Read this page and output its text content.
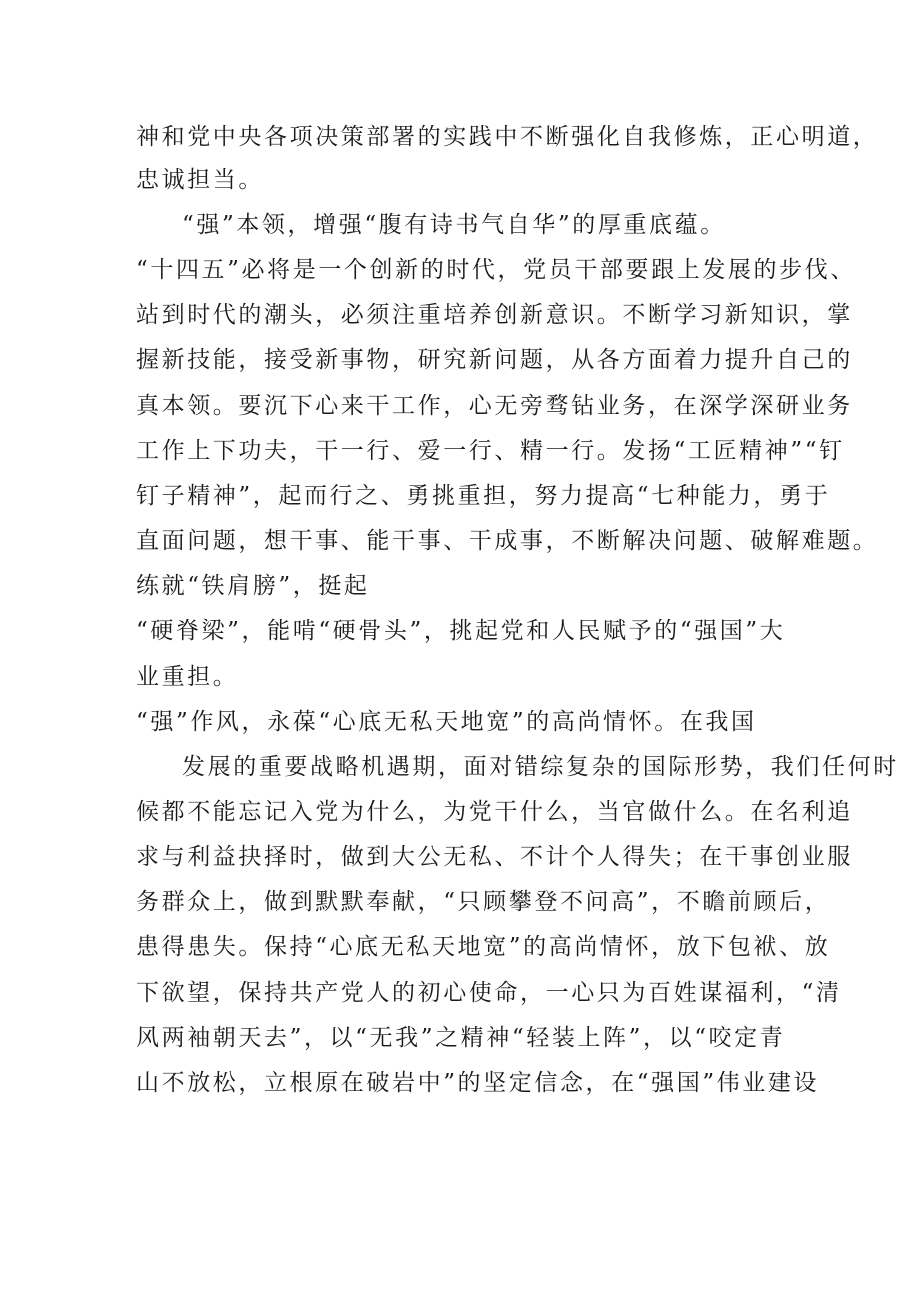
神和党中央各项决策部署的实践中不断强化自我修炼，正心明道，
忠诚担当。
“强”本领，增强“腹有诗书气自华”的厚重底蕴。
“十四五”必将是一个创新的时代，党员干部要跟上发展的步伐、
站到时代的潮头，必须注重培养创新意识。不断学习新知识，掌
握新技能，接受新事物，研究新问题，从各方面着力提升自己的
真本领。要沉下心来干工作，心无旁骛钻业务，在深学深研业务
工作上下功夫，干一行、爱一行、精一行。发扬“工匠精神”“钉
钉子精神”，起而行之、勇挑重担，努力提高“七种能力，勇于
直面问题，想干事、能干事、干成事，不断解决问题、破解难题。
练就“铁肩膀”，挺起
“硬脊梁”，能啃“硬骨头”，挑起党和人民赋予的“强国”大
业重担。
“强”作风，永葆“心底无私天地宽”的高尚情怀。在我国
发展的重要战略机遇期，面对错综复杂的国际形势，我们任何时
候都不能忘记入党为什么，为党干什么，当官做什么。在名利追
求与利益抉择时，做到大公无私、不计个人得失；在干事创业服
务群众上，做到默默奉献，“只顾攀登不问高”，不瞻前顾后，
患得患失。保持“心底无私天地宽”的高尚情怀，放下包袱、放
下欲望，保持共产党人的初心使命，一心只为百姓谋福利，“清
风两袖朝天去”，以“无我”之精神“轻装上阵”，以“咬定青
山不放松，立根原在破岩中”的坚定信念，在“强国”伟业建设
